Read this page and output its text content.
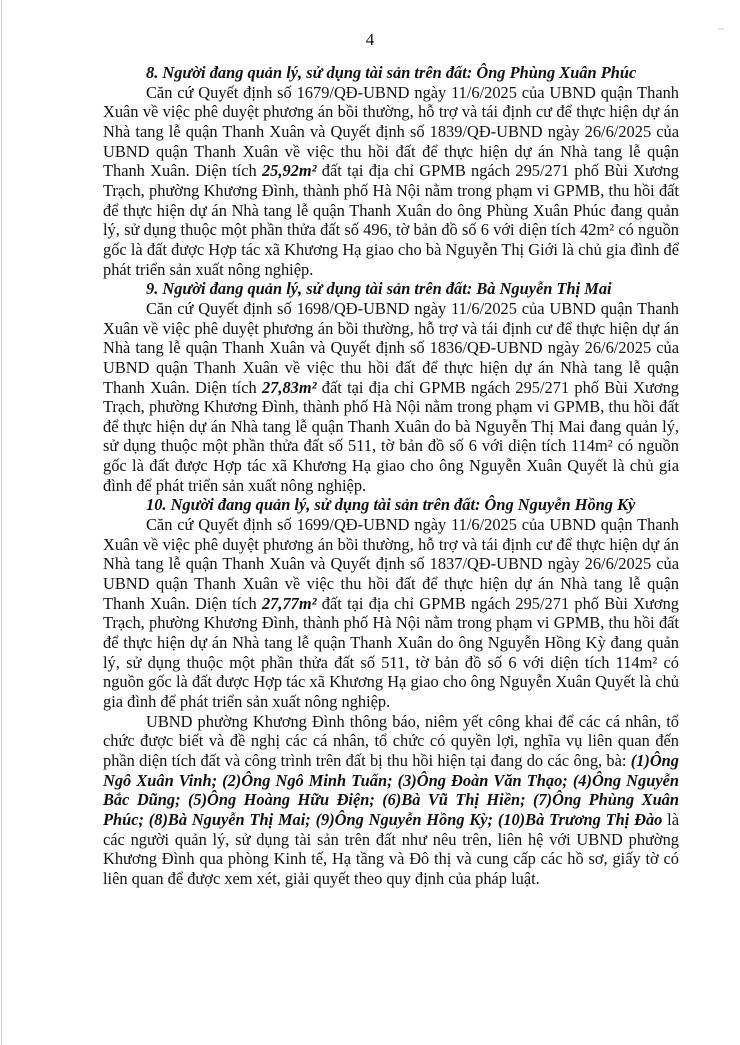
4

8. Người đang quản lý, sử dụng tài sản trên đất: Ông Phùng Xuân Phúc

Căn cứ Quyết định số 1679/QĐ-UBND ngày 11/6/2025 của UBND quận Thanh Xuân về việc phê duyệt phương án bồi thường, hỗ trợ và tái định cư để thực hiện dự án Nhà tang lễ quận Thanh Xuân và Quyết định số 1839/QĐ-UBND ngày 26/6/2025 của UBND quận Thanh Xuân về việc thu hồi đất để thực hiện dự án Nhà tang lễ quận Thanh Xuân. Diện tích 25,92m² đất tại địa chỉ GPMB ngách 295/271 phố Bùi Xương Trạch, phường Khương Đình, thành phố Hà Nội nằm trong phạm vi GPMB, thu hồi đất để thực hiện dự án Nhà tang lễ quận Thanh Xuân do ông Phùng Xuân Phúc đang quản lý, sử dụng thuộc một phần thửa đất số 496, tờ bản đồ số 6 với diện tích 42m² có nguồn gốc là đất được Hợp tác xã Khương Hạ giao cho bà Nguyễn Thị Giới là chủ gia đình để phát triển sản xuất nông nghiệp.

9. Người đang quản lý, sử dụng tài sản trên đất: Bà Nguyễn Thị Mai

Căn cứ Quyết định số 1698/QĐ-UBND ngày 11/6/2025 của UBND quận Thanh Xuân về việc phê duyệt phương án bồi thường, hỗ trợ và tái định cư để thực hiện dự án Nhà tang lễ quận Thanh Xuân và Quyết định số 1836/QĐ-UBND ngày 26/6/2025 của UBND quận Thanh Xuân về việc thu hồi đất để thực hiện dự án Nhà tang lễ quận Thanh Xuân. Diện tích 27,83m² đất tại địa chỉ GPMB ngách 295/271 phố Bùi Xương Trạch, phường Khương Đình, thành phố Hà Nội nằm trong phạm vi GPMB, thu hồi đất để thực hiện dự án Nhà tang lễ quận Thanh Xuân do bà Nguyễn Thị Mai đang quản lý, sử dụng thuộc một phần thửa đất số 511, tờ bản đồ số 6 với diện tích 114m² có nguồn gốc là đất được Hợp tác xã Khương Hạ giao cho ông Nguyễn Xuân Quyết là chủ gia đình để phát triển sản xuất nông nghiệp.

10. Người đang quản lý, sử dụng tài sản trên đất: Ông Nguyễn Hồng Kỳ

Căn cứ Quyết định số 1699/QĐ-UBND ngày 11/6/2025 của UBND quận Thanh Xuân về việc phê duyệt phương án bồi thường, hỗ trợ và tái định cư để thực hiện dự án Nhà tang lễ quận Thanh Xuân và Quyết định số 1837/QĐ-UBND ngày 26/6/2025 của UBND quận Thanh Xuân về việc thu hồi đất để thực hiện dự án Nhà tang lễ quận Thanh Xuân. Diện tích 27,77m² đất tại địa chỉ GPMB ngách 295/271 phố Bùi Xương Trạch, phường Khương Đình, thành phố Hà Nội nằm trong phạm vi GPMB, thu hồi đất để thực hiện dự án Nhà tang lễ quận Thanh Xuân do ông Nguyễn Hồng Kỳ đang quản lý, sử dụng thuộc một phần thửa đất số 511, tờ bản đồ số 6 với diện tích 114m² có nguồn gốc là đất được Hợp tác xã Khương Hạ giao cho ông Nguyễn Xuân Quyết là chủ gia đình để phát triển sản xuất nông nghiệp.

UBND phường Khương Đình thông báo, niêm yết công khai để các cá nhân, tổ chức được biết và đề nghị các cá nhân, tổ chức có quyền lợi, nghĩa vụ liên quan đến phần diện tích đất và công trình trên đất bị thu hồi hiện tại đang do các ông, bà: (1)Ông Ngô Xuân Vinh; (2)Ông Ngô Minh Tuấn; (3)Ông Đoàn Văn Thạo; (4)Ông Nguyễn Bắc Dũng; (5)Ông Hoàng Hữu Điện; (6)Bà Vũ Thị Hiền; (7)Ông Phùng Xuân Phúc; (8)Bà Nguyễn Thị Mai; (9)Ông Nguyễn Hồng Kỳ; (10)Bà Trương Thị Đào là các người quản lý, sử dụng tài sản trên đất như nêu trên, liên hệ với UBND phường Khương Đình qua phòng Kinh tế, Hạ tầng và Đô thị và cung cấp các hồ sơ, giấy tờ có liên quan để được xem xét, giải quyết theo quy định của pháp luật.
